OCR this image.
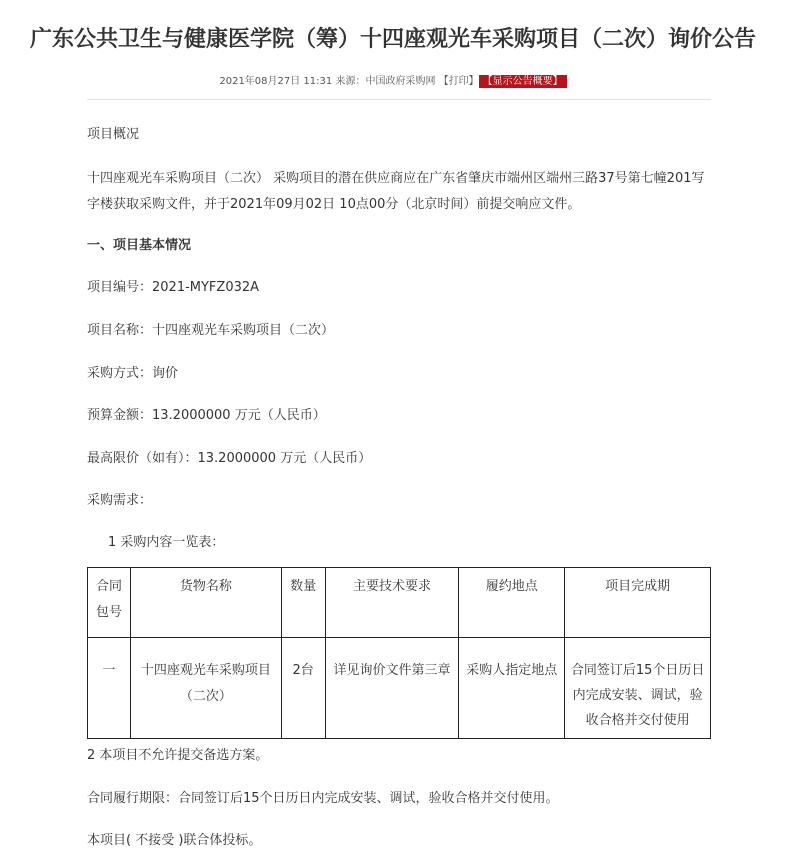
广东公共卫生与健康医学院（筹）十四座观光车采购项目（二次）询价公告
2021年08月27日 11:31 来源：中国政府采购网 【打印】 【显示公告概要】
项目概况
十四座观光车采购项目（二次） 采购项目的潜在供应商应在广东省肇庆市端州区端州三路37号第七幢201写字楼获取采购文件，并于2021年09月02日 10点00分（北京时间）前提交响应文件。
一、项目基本情况
项目编号：2021-MYFZ032A
项目名称：十四座观光车采购项目（二次）
采购方式：询价
预算金额：13.2000000 万元（人民币）
最高限价（如有）：13.2000000 万元（人民币）
采购需求：
1 采购内容一览表：
合同包号	货物名称	数量	主要技术要求	履约地点	项目完成期
一	十四座观光车采购项目（二次）	2台	详见询价文件第三章	采购人指定地点	合同签订后15个日历日内完成安装、调试，验收合格并交付使用
2 本项目不允许提交备选方案。
合同履行期限：合同签订后15个日历日内完成安装、调试，验收合格并交付使用。
本项目( 不接受 )联合体投标。
